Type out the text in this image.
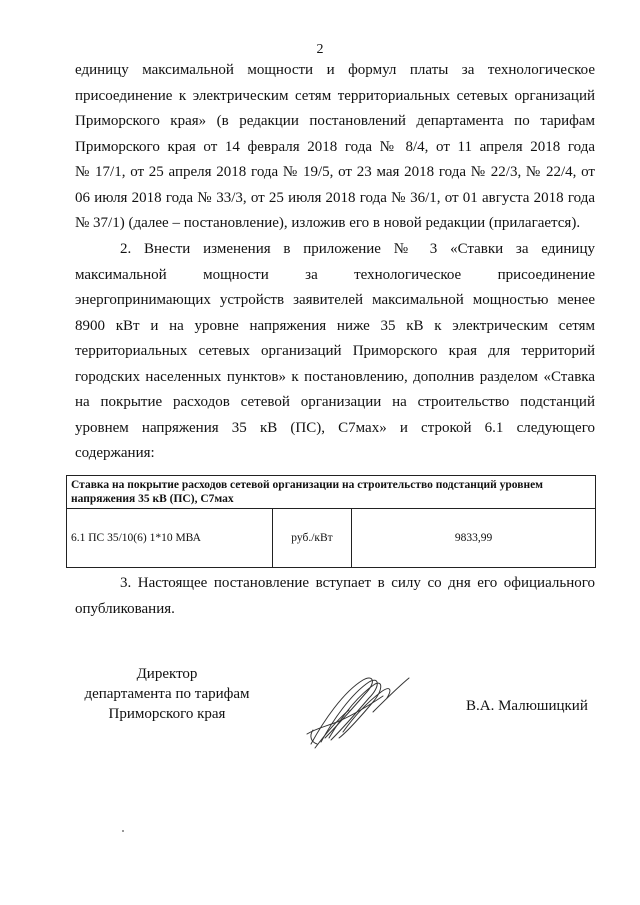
2
единицу максимальной мощности и формул платы за технологическое
присоединение к электрическим сетям территориальных сетевых организаций
Приморского края» (в редакции постановлений департамента по тарифам
Приморского края от 14 февраля 2018 года № 8/4, от 11 апреля 2018 года
№ 17/1, от 25 апреля 2018 года № 19/5, от 23 мая 2018 года № 22/3, № 22/4, от
06 июля 2018 года № 33/3, от 25 июля 2018 года № 36/1, от 01 августа 2018 года
№ 37/1) (далее – постановление), изложив его в новой редакции (прилагается).
2. Внести изменения в приложение № 3 «Ставки за единицу
максимальной мощности за технологическое присоединение
энергопринимающих устройств заявителей максимальной мощностью менее
8900 кВт и на уровне напряжения ниже 35 кВ к электрическим сетям
территориальных сетевых организаций Приморского края для территорий
городских населенных пунктов» к постановлению, дополнив разделом «Ставка
на покрытие расходов сетевой организации на строительство подстанций
уровнем напряжения 35 кВ (ПС), С7мах» и строкой 6.1 следующего
содержания:
Ставка на покрытие расходов сетевой организации на строительство подстанций уровнем напряжения 35 кВ (ПС), С7мах
6.1 ПС 35/10(6) 1*10 МВА	руб./кВт	9833,99
3. Настоящее постановление вступает в силу со дня его официального
опубликования.
Директор
департамента по тарифам
Приморского края	В.А. Малюшицкий
